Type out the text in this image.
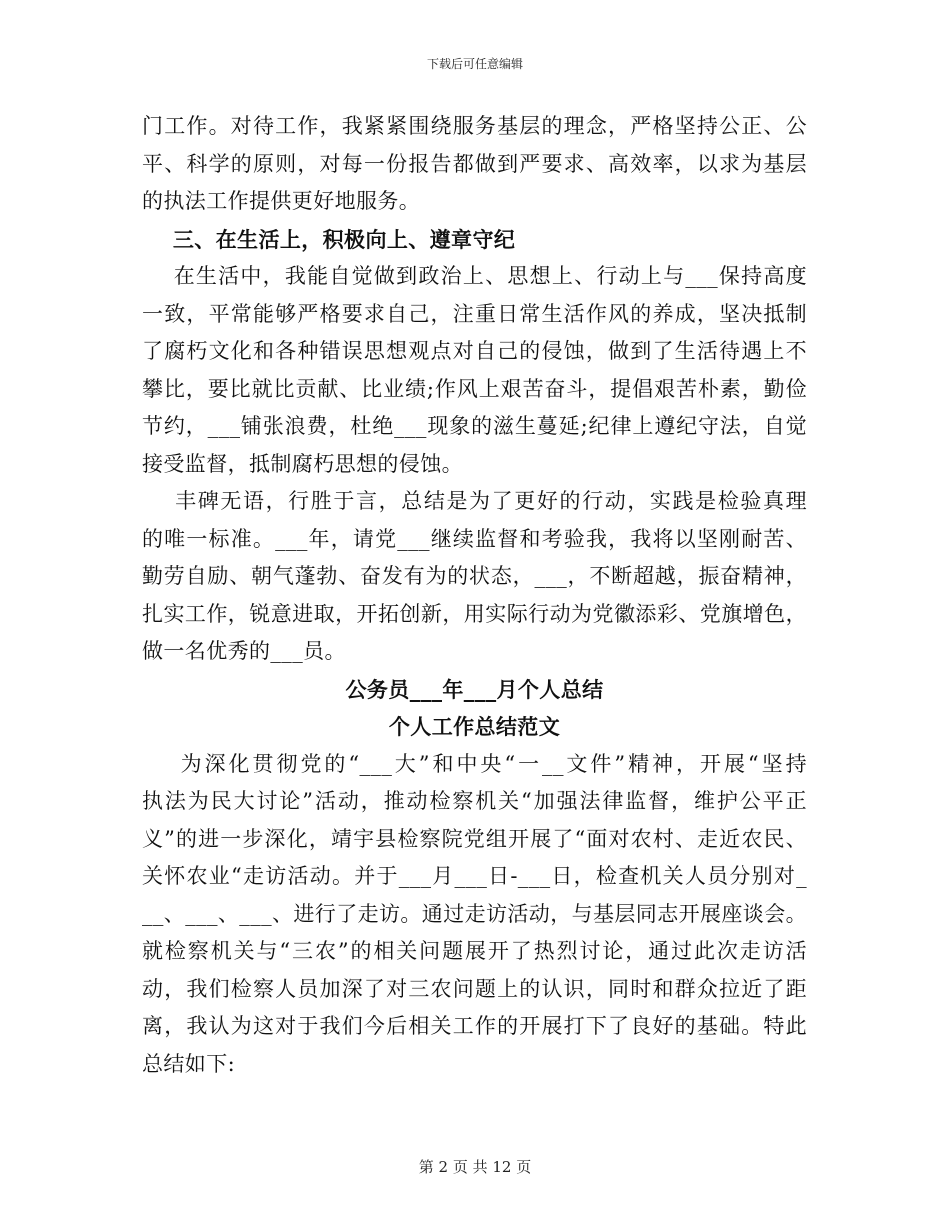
下载后可任意编辑
门工作。对待工作，我紧紧围绕服务基层的理念，严格坚持公正、公
平、科学的原则，对每一份报告都做到严要求、高效率，以求为基层
的执法工作提供更好地服务。
三、在生活上，积极向上、遵章守纪
在生活中，我能自觉做到政治上、思想上、行动上与___保持高度
一致，平常能够严格要求自己，注重日常生活作风的养成，坚决抵制
了腐朽文化和各种错误思想观点对自己的侵蚀，做到了生活待遇上不
攀比，要比就比贡献、比业绩;作风上艰苦奋斗，提倡艰苦朴素，勤俭
节约，___铺张浪费，杜绝___现象的滋生蔓延;纪律上遵纪守法，自觉
接受监督，抵制腐朽思想的侵蚀。
丰碑无语，行胜于言，总结是为了更好的行动，实践是检验真理
的唯一标准。___年，请党___继续监督和考验我，我将以坚刚耐苦、
勤劳自励、朝气蓬勃、奋发有为的状态，___，不断超越，振奋精神，
扎实工作，锐意进取，开拓创新，用实际行动为党徽添彩、党旗增色，
做一名优秀的___员。
公务员___年___月个人总结
个人工作总结范文
为深化贯彻党的“___大”和中央“一__文件”精神，开展“坚持
执法为民大讨论”活动，推动检察机关“加强法律监督，维护公平正
义”的进一步深化，靖宇县检察院党组开展了“面对农村、走近农民、
关怀农业“走访活动。并于___月___日-___日，检查机关人员分别对_
__、___、___、进行了走访。通过走访活动，与基层同志开展座谈会。
就检察机关与“三农”的相关问题展开了热烈讨论，通过此次走访活
动，我们检察人员加深了对三农问题上的认识，同时和群众拉近了距
离，我认为这对于我们今后相关工作的开展打下了良好的基础。特此
总结如下:
第 2 页 共 12 页
